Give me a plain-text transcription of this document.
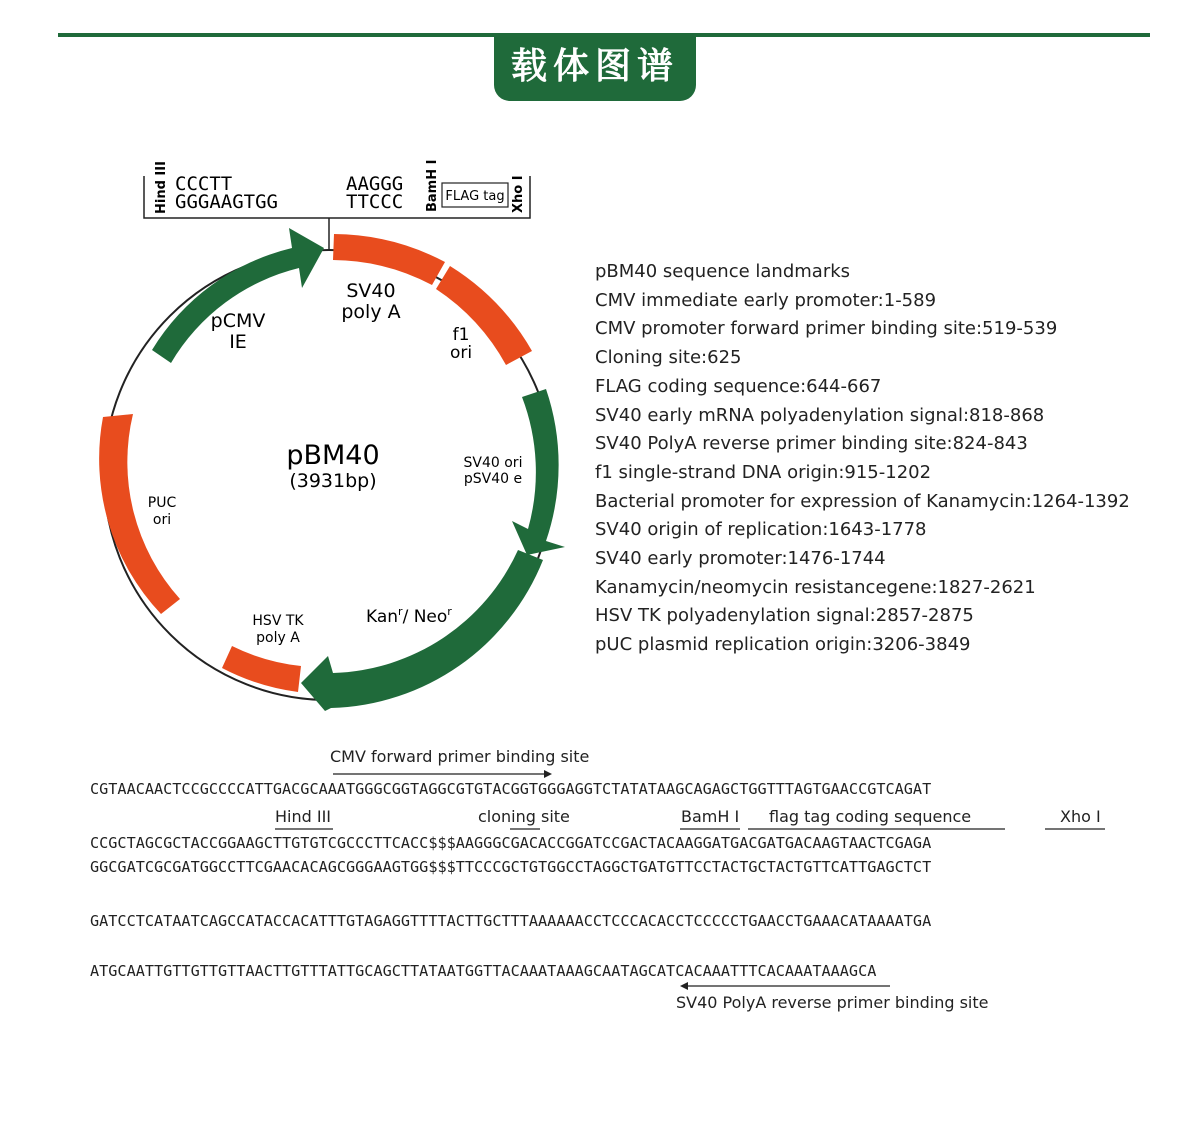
载体图谱
Hind III CCCTT
GGGAAGTGG
AAGGG
TTCCC BamH I FLAG tag Xho I
pCMV
IE
SV40
poly A
f1
ori
SV40 ori
pSV40 e
Kan$^r$/ Neo$^r$
HSV TK
poly A
PUC
ori
pBM40
(3931bp)
pBM40 sequence landmarks
CMV immediate early promoter:1-589
CMV promoter forward primer binding site:519-539
Cloning site:625
FLAG coding sequence:644-667
SV40 early mRNA polyadenylation signal:818-868
SV40 PolyA reverse primer binding site:824-843
f1 single-strand DNA origin:915-1202
Bacterial promoter for expression of Kanamycin:1264-1392
SV40 origin of replication:1643-1778
SV40 early promoter:1476-1744
Kanamycin/neomycin resistancegene:1827-2621
HSV TK polyadenylation signal:2857-2875
pUC plasmid replication origin:3206-3849
CMV forward primer binding site
CGTAACAACTCCGCCCCATTGACGCAAATGGGCGGTAGGCGTGTACGGTGGGAGGTCTATATAAGCAGAGCTGGTTTAGTGAACCGTCAGAT
Hind III	cloning site	BamH I flag tag coding sequence	Xho I
CCGCTAGCGCTACCGGAAGCTTGTGTCGCCCTTCACC$$$AAGGGCGACACCGGATCCGACTACAAGGATGACGATGACAAGTAACTCGAGA
GGCGATCGCGATGGCCTTCGAACACAGCGGGAAGTGG$$$TTCCCGCTGTGGCCTAGGCTGATGTTCCTACTGCTACTGTTCATTGAGCTCT
GATCCTCATAATCAGCCATACCACATTTGTAGAGGTTTTACTTGCTTTAAAAAACCTCCCACACCTCCCCCTGAACCTGAAACATAAAATGA
ATGCAATTGTTGTTGTTAACTTGTTTATTGCAGCTTATAATGGTTACAAATAAAGCAATAGCATCACAAATTTCACAAATAAAGCA
SV40 PolyA reverse primer binding site
